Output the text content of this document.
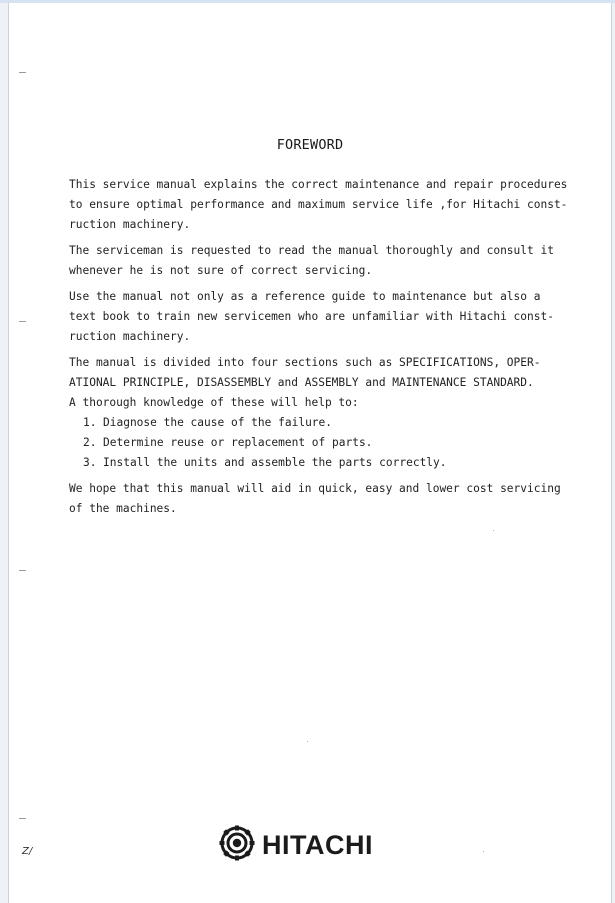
FOREWORD

This service manual explains the correct maintenance and repair procedures

to ensure optimal performance and maximum service life ‚for Hitachi const-

ruction machinery.

The serviceman is requested to read the manual thoroughly and consult it

whenever he is not sure of correct servicing.

Use the manual not only as a reference guide to maintenance but also a

text book to train new servicemen who are unfamiliar with Hitachi const-

ruction machinery.

The manual is divided into four sections such as SPECIFICATIONS, OPER-

ATIONAL PRINCIPLE, DISASSEMBLY and ASSEMBLY and MAINTENANCE STANDARD.

A thorough knowledge of these will help to:

1. Diagnose the cause of the failure.
2. Determine reuse or replacement of parts.
3. Install the units and assemble the parts correctly.

We hope that this manual will aid in quick, easy and lower cost servicing

of the machines.

Z/	HITACHI
